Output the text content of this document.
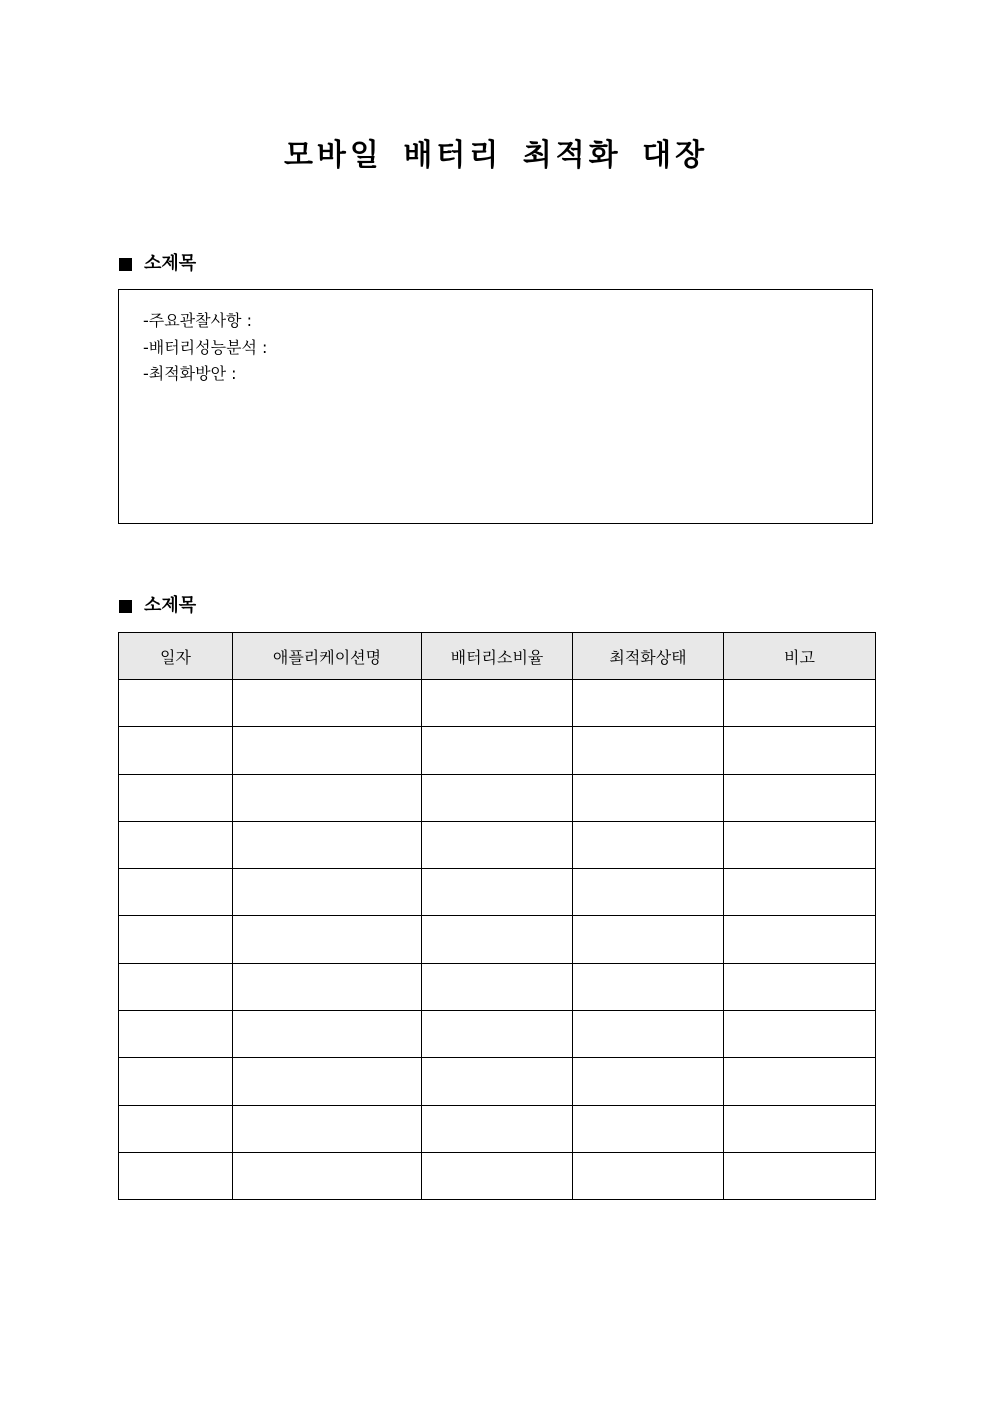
모바일 배터리 최적화 대장
소제목
-주요관찰사항 :
-배터리성능분석 :
-최적화방안 :
소제목
일자	애플리케이션명	배터리소비율	최적화상태	비고
